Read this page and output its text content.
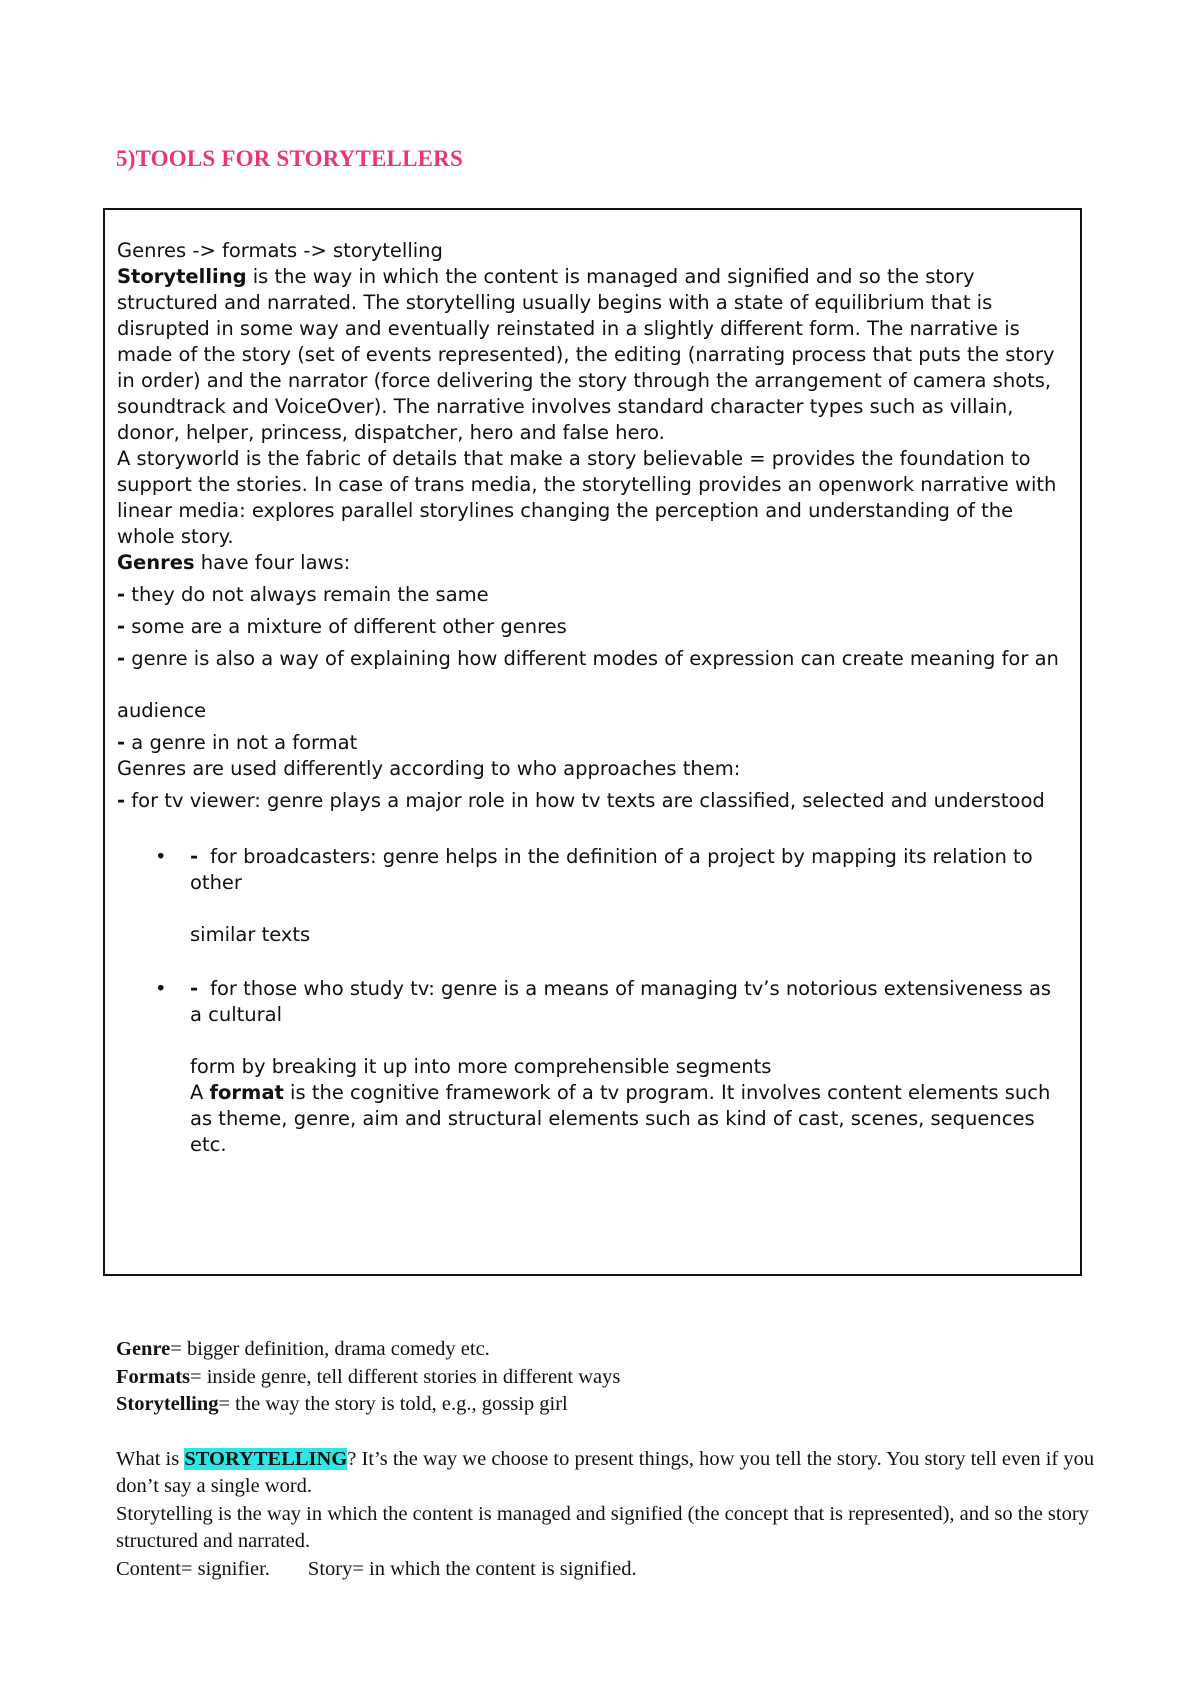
5)TOOLS FOR STORYTELLERS

Genres -> formats -> storytelling

Storytelling is the way in which the content is managed and signified and so the story structured and narrated. The storytelling usually begins with a state of equilibrium that is disrupted in some way and eventually reinstated in a slightly different form. The narrative is made of the story (set of events represented), the editing (narrating process that puts the story in order) and the narrator (force delivering the story through the arrangement of camera shots, soundtrack and VoiceOver). The narrative involves standard character types such as villain, donor, helper, princess, dispatcher, hero and false hero.

A storyworld is the fabric of details that make a story believable = provides the foundation to support the stories. In case of trans media, the storytelling provides an openwork narrative with linear media: explores parallel storylines changing the perception and understanding of the whole story.

Genres have four laws:

- they do not always remain the same

- some are a mixture of different other genres

- genre is also a way of explaining how different modes of expression can create meaning for an

audience

- a genre in not a format

Genres are used differently according to who approaches them:

- for tv viewer: genre plays a major role in how tv texts are classified, selected and understood

• - for broadcasters: genre helps in the definition of a project by mapping its relation to other

similar texts

• - for those who study tv: genre is a means of managing tv’s notorious extensiveness as a cultural

form by breaking it up into more comprehensible segments

A format is the cognitive framework of a tv program. It involves content elements such as theme, genre, aim and structural elements such as kind of cast, scenes, sequences etc.

Genre= bigger definition, drama comedy etc.

Formats= inside genre, tell different stories in different ways

Storytelling= the way the story is told, e.g., gossip girl

What is STORYTELLING? It’s the way we choose to present things, how you tell the story. You story tell even if you don’t say a single word.

Storytelling is the way in which the content is managed and signified (the concept that is represented), and so the story structured and narrated.

Content= signifier. Story= in which the content is signified.
